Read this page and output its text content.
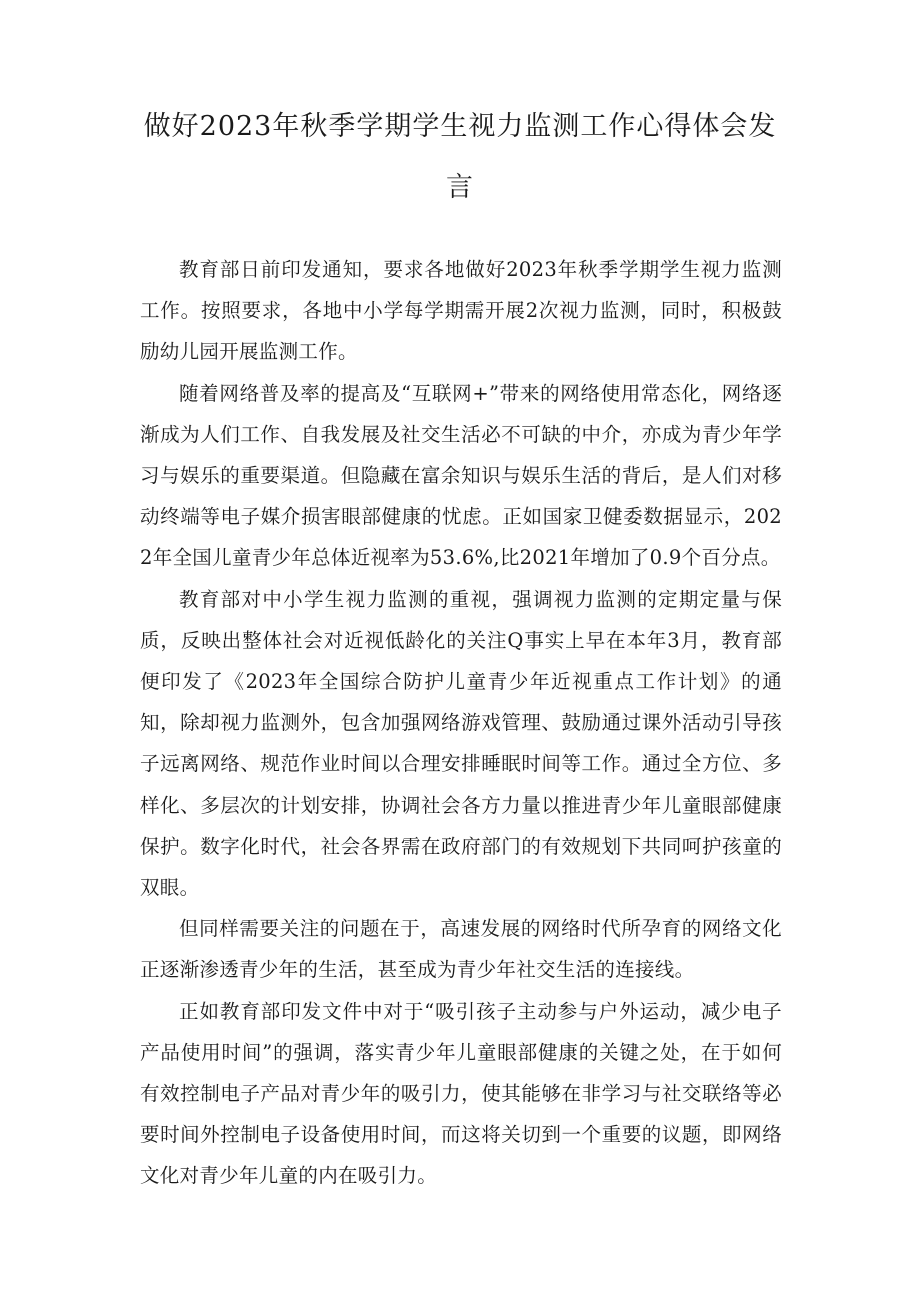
做好2023年秋季学期学生视力监测工作心得体会发言

教育部日前印发通知，要求各地做好2023年秋季学期学生视力监测工作。按照要求，各地中小学每学期需开展2次视力监测，同时，积极鼓励幼儿园开展监测工作。

随着网络普及率的提高及“互联网+”带来的网络使用常态化，网络逐渐成为人们工作、自我发展及社交生活必不可缺的中介，亦成为青少年学习与娱乐的重要渠道。但隐藏在富余知识与娱乐生活的背后，是人们对移动终端等电子媒介损害眼部健康的忧虑。正如国家卫健委数据显示，2022年全国儿童青少年总体近视率为53.6%,比2021年增加了0.9个百分点。

教育部对中小学生视力监测的重视，强调视力监测的定期定量与保质，反映出整体社会对近视低龄化的关注Q事实上早在本年3月，教育部便印发了《2023年全国综合防护儿童青少年近视重点工作计划》的通知，除却视力监测外，包含加强网络游戏管理、鼓励通过课外活动引导孩子远离网络、规范作业时间以合理安排睡眠时间等工作。通过全方位、多样化、多层次的计划安排，协调社会各方力量以推进青少年儿童眼部健康保护。数字化时代，社会各界需在政府部门的有效规划下共同呵护孩童的双眼。

但同样需要关注的问题在于，高速发展的网络时代所孕育的网络文化正逐渐渗透青少年的生活，甚至成为青少年社交生活的连接线。

正如教育部印发文件中对于“吸引孩子主动参与户外运动，减少电子产品使用时间”的强调，落实青少年儿童眼部健康的关键之处，在于如何有效控制电子产品对青少年的吸引力，使其能够在非学习与社交联络等必要时间外控制电子设备使用时间，而这将关切到一个重要的议题，即网络文化对青少年儿童的内在吸引力。
